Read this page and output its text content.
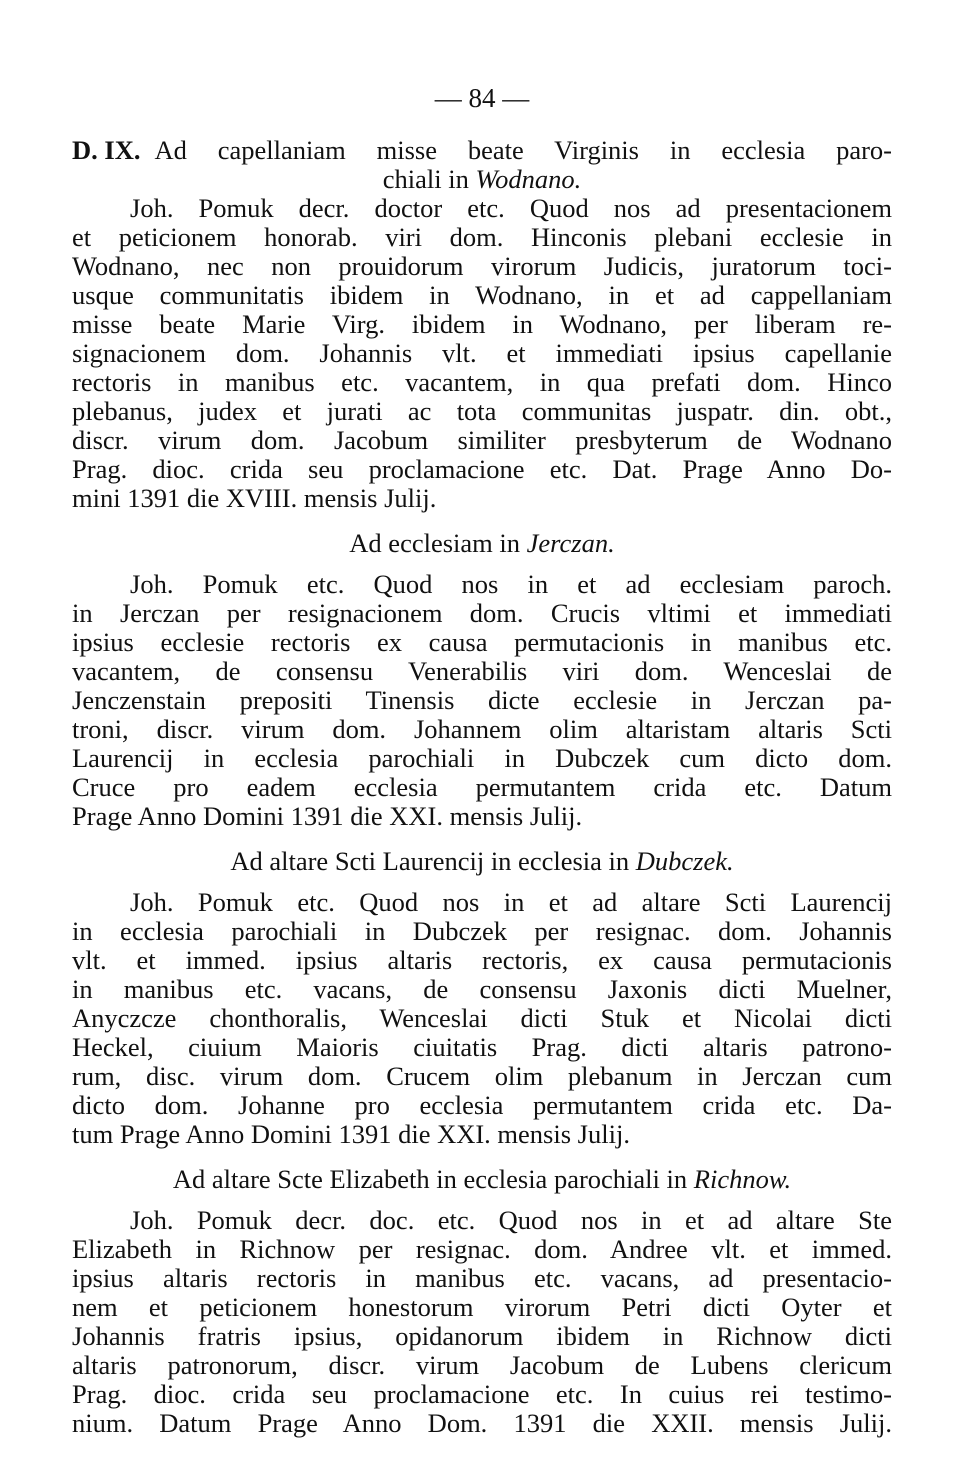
— 84 —
D. IX. Ad capellaniam misse beate Virginis in ecclesia paro-
chiali in Wodnano.
Joh. Pomuk decr. doctor etc. Quod nos ad presentacionem
et peticionem honorab. viri dom. Hinconis plebani ecclesie in
Wodnano, nec non prouidorum virorum Judicis, juratorum toci-
usque communitatis ibidem in Wodnano, in et ad cappellaniam
misse beate Marie Virg. ibidem in Wodnano, per liberam re-
signacionem dom. Johannis vlt. et immediati ipsius capellanie
rectoris in manibus etc. vacantem, in qua prefati dom. Hinco
plebanus, judex et jurati ac tota communitas juspatr. din. obt.,
discr. virum dom. Jacobum similiter presbyterum de Wodnano
Prag. dioc. crida seu proclamacione etc. Dat. Prage Anno Do-
mini 1391 die XVIII. mensis Julij.
Ad ecclesiam in Jerczan.
Joh. Pomuk etc. Quod nos in et ad ecclesiam paroch.
in Jerczan per resignacionem dom. Crucis vltimi et immediati
ipsius ecclesie rectoris ex causa permutacionis in manibus etc.
vacantem, de consensu Venerabilis viri dom. Wenceslai de
Jenczenstain prepositi Tinensis dicte ecclesie in Jerczan pa-
troni, discr. virum dom. Johannem olim altaristam altaris Scti
Laurencij in ecclesia parochiali in Dubczek cum dicto dom.
Cruce pro eadem ecclesia permutantem crida etc. Datum
Prage Anno Domini 1391 die XXI. mensis Julij.
Ad altare Scti Laurencij in ecclesia in Dubczek.
Joh. Pomuk etc. Quod nos in et ad altare Scti Laurencij
in ecclesia parochiali in Dubczek per resignac. dom. Johannis
vlt. et immed. ipsius altaris rectoris, ex causa permutacionis
in manibus etc. vacans, de consensu Jaxonis dicti Muelner,
Anyczcze chonthoralis, Wenceslai dicti Stuk et Nicolai dicti
Heckel, ciuium Maioris ciuitatis Prag. dicti altaris patrono-
rum, disc. virum dom. Crucem olim plebanum in Jerczan cum
dicto dom. Johanne pro ecclesia permutantem crida etc. Da-
tum Prage Anno Domini 1391 die XXI. mensis Julij.
Ad altare Scte Elizabeth in ecclesia parochiali in Richnow.
Joh. Pomuk decr. doc. etc. Quod nos in et ad altare Ste
Elizabeth in Richnow per resignac. dom. Andree vlt. et immed.
ipsius altaris rectoris in manibus etc. vacans, ad presentacio-
nem et peticionem honestorum virorum Petri dicti Oyter et
Johannis fratris ipsius, opidanorum ibidem in Richnow dicti
altaris patronorum, discr. virum Jacobum de Lubens clericum
Prag. dioc. crida seu proclamacione etc. In cuius rei testimo-
nium. Datum Prage Anno Dom. 1391 die XXII. mensis Julij.
